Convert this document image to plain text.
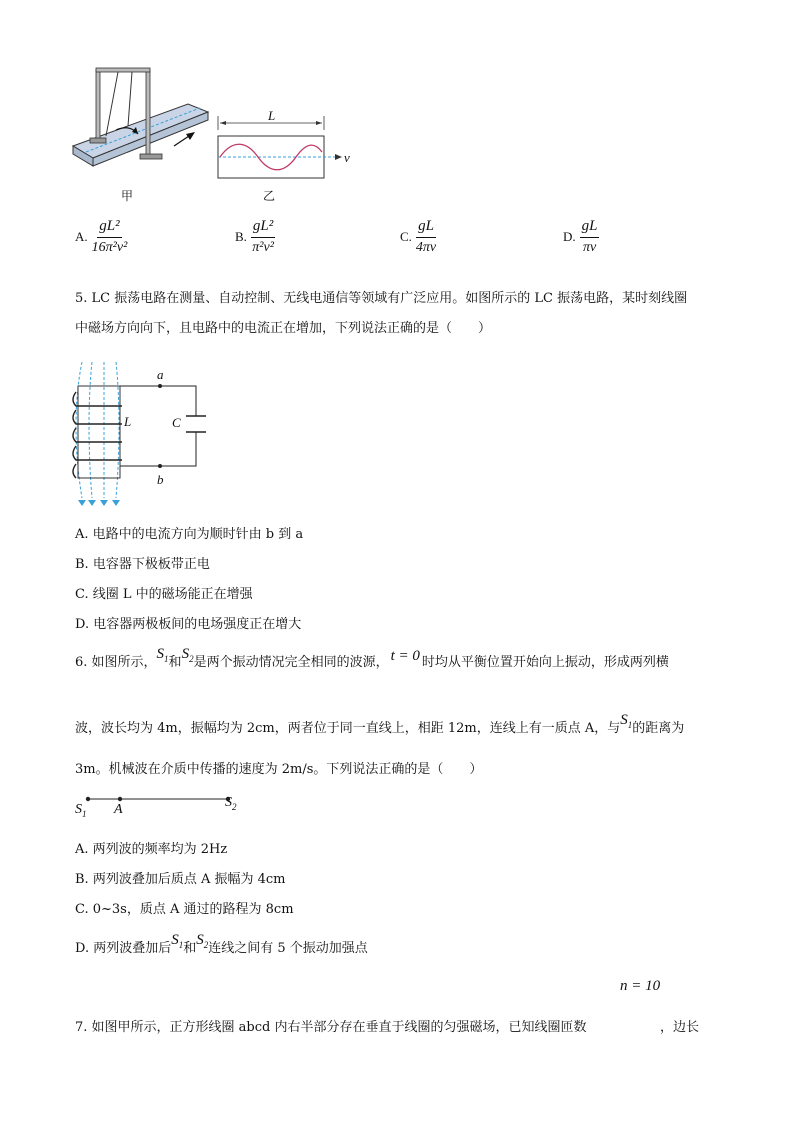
甲
L
v
乙
A. $\frac{\text{gL²}}{\text{16π²v²}}$	B. $\frac{\text{gL²}}{\text{π²v²}}$	C. $\frac{gL}{4\pi v}$	D. $\frac{gL}{\pi v}$
5. LC 振荡电路在测量、自动控制、无线电通信等领域有广泛应用。如图所示的 LC 振荡电路，某时刻线圈
中磁场方向向下，且电路中的电流正在增加，下列说法正确的是（　　）
a
b
L	C
A. 电路中的电流方向为顺时针由 b 到 a
B. 电容器下极板带正电
C. 线圈 L 中的磁场能正在增强
D. 电容器两极板间的电场强度正在增大
6. 如图所示，$S_1$和$S_2$是两个振动情况完全相同的波源， t = 0 时均从平衡位置开始向上振动，形成两列横
波，波长均为 4m，振幅均为 2cm，两者位于同一直线上，相距 12m，连线上有一质点 A，与$S_1$的距离为
3m。机械波在介质中传播的速度为 2m/s。下列说法正确的是（　　）
$S_1$ A	$S_2$
A. 两列波的频率均为 2Hz
B. 两列波叠加后质点 A 振幅为 4cm
C. 0~3s，质点 A 通过的路程为 8cm
D. 两列波叠加后$S_1$和$S_2$连线之间有 5 个振动加强点
7. 如图甲所示，正方形线圈 abcd 内右半部分存在垂直于线圈的匀强磁场，已知线圈匝数
n = 10
，边长
